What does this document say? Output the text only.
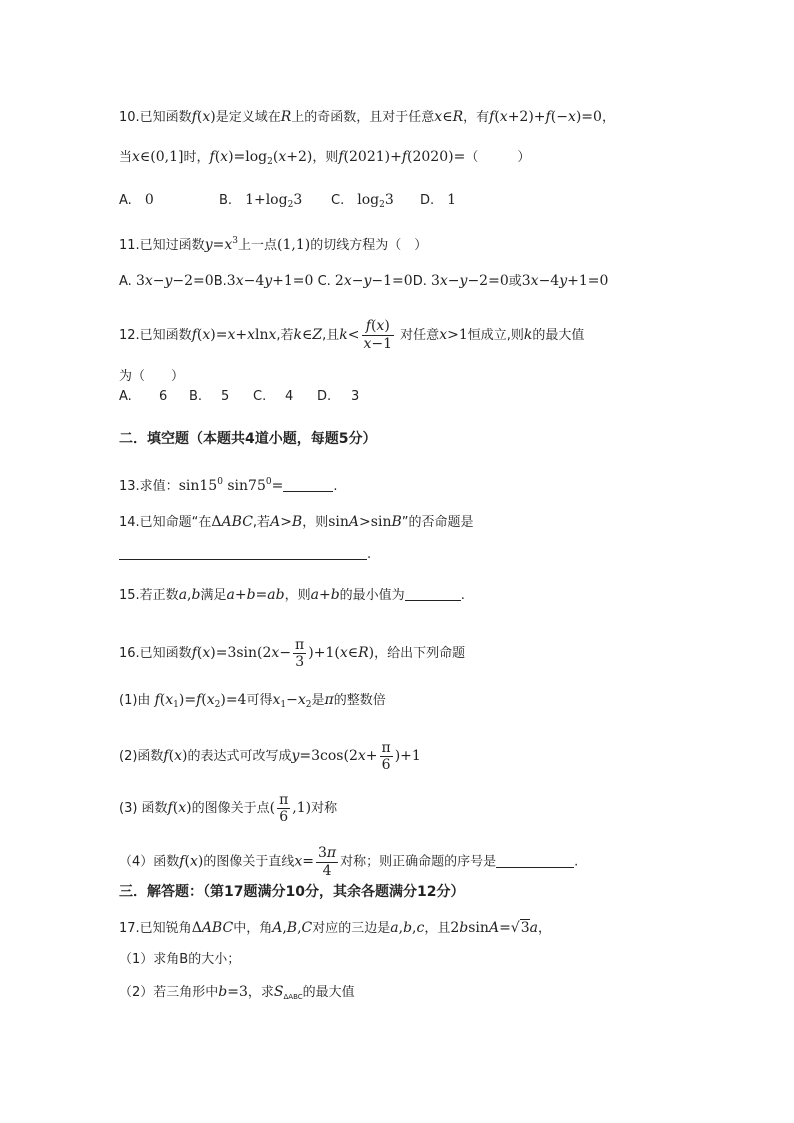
10.已知函数f(x)是定义域在R上的奇函数，且对于任意x∈R，有f(x+2)+f(−x)=0，
当x∈(0,1]时，$f(x)=\log_2(x+2)$，则f(2021)+f(2020)=（　　　）
A.　0	B.　$1+\log_23$ C.　$\log_23$ D.　1
11.已知过函数$y=x^3$上一点(1,1)的切线方程为（　）
A. 3x−y−2=0B.3x−4y+1=0 C. 2x−y−1=0D. 3x−y−2=0或3x−4y+1=0
12.已知函数f(x)=x+xlnx,若k∈Z,且$k< \frac{f(x)}{x-1}$ 对任意x>1恒成立,则k的最大值
为（　　）
A. 6 B. 5 C. 4 D. 3
二．填空题（本题共4道小题，每题5分）
13.求值：$\sin 15^0$ $\sin 75^0=$	.
14.已知命题“在ΔABC,若A>B，则sinA>sinB”的否命题是
.
15.若正数a,b满足a+b=ab，则a+b的最小值为	.
16.已知函数$f(x)=3\sin(2x- \frac{\pi}{3}$ )+1(x∈R)，给出下列命题
(1)由 $f(x_1)=f(x_2)=4$可得$x_1-x_2$是π的整数倍
(2)函数f(x)的表达式可改写成$y=3\cos(2x+ \frac{\pi}{6} )+1$
(3) 函数f(x)的图像关于点( $\frac{\pi}{6} ,1$)对称
（4）函数f(x)的图像关于直线$x= \frac{3\pi}{4}$ 对称；则正确命题的序号是	.
三．解答题：（第17题满分10分，其余各题满分12分）
17.已知锐角ΔABC中，角A,B,C对应的三边是a,b,c，且2bsinA=√3a，
（1）求角B的大小；
（2）若三角形中b=3，求$S_{\Delta ABC}$的最大值
